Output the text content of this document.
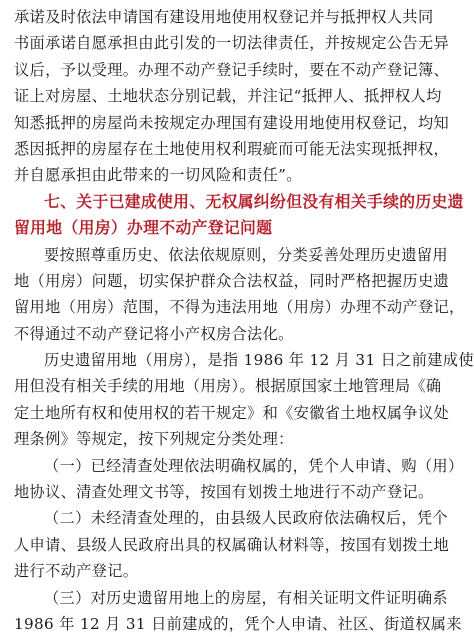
承诺及时依法申请国有建设用地使用权登记并与抵押权人共同
书面承诺自愿承担由此引发的一切法律责任，并按规定公告无异
议后，予以受理。办理不动产登记手续时，要在不动产登记簿、
证上对房屋、土地状态分别记载，并注记“抵押人、抵押权人均
知悉抵押的房屋尚未按规定办理国有建设用地使用权登记，均知
悉因抵押的房屋存在土地使用权利瑕疵而可能无法实现抵押权，
并自愿承担由此带来的一切风险和责任”。
七、关于已建成使用、无权属纠纷但没有相关手续的历史遗
留用地（用房）办理不动产登记问题
要按照尊重历史、依法依规原则，分类妥善处理历史遗留用
地（用房）问题，切实保护群众合法权益，同时严格把握历史遗
留用地（用房）范围，不得为违法用地（用房）办理不动产登记，
不得通过不动产登记将小产权房合法化。
历史遗留用地（用房），是指 1986 年 12 月 31 日之前建成使
用但没有相关手续的用地（用房）。根据原国家土地管理局《确
定土地所有权和使用权的若干规定》和《安徽省土地权属争议处
理条例》等规定，按下列规定分类处理：
（一）已经清查处理依法明确权属的，凭个人申请、购（用）
地协议、清查处理文书等，按国有划拨土地进行不动产登记。
（二）未经清查处理的，由县级人民政府依法确权后，凭个
人申请、县级人民政府出具的权属确认材料等，按国有划拨土地
进行不动产登记。
（三）对历史遗留用地上的房屋，有相关证明文件证明确系
1986 年 12 月 31 日前建成的，凭个人申请、社区、街道权属来
